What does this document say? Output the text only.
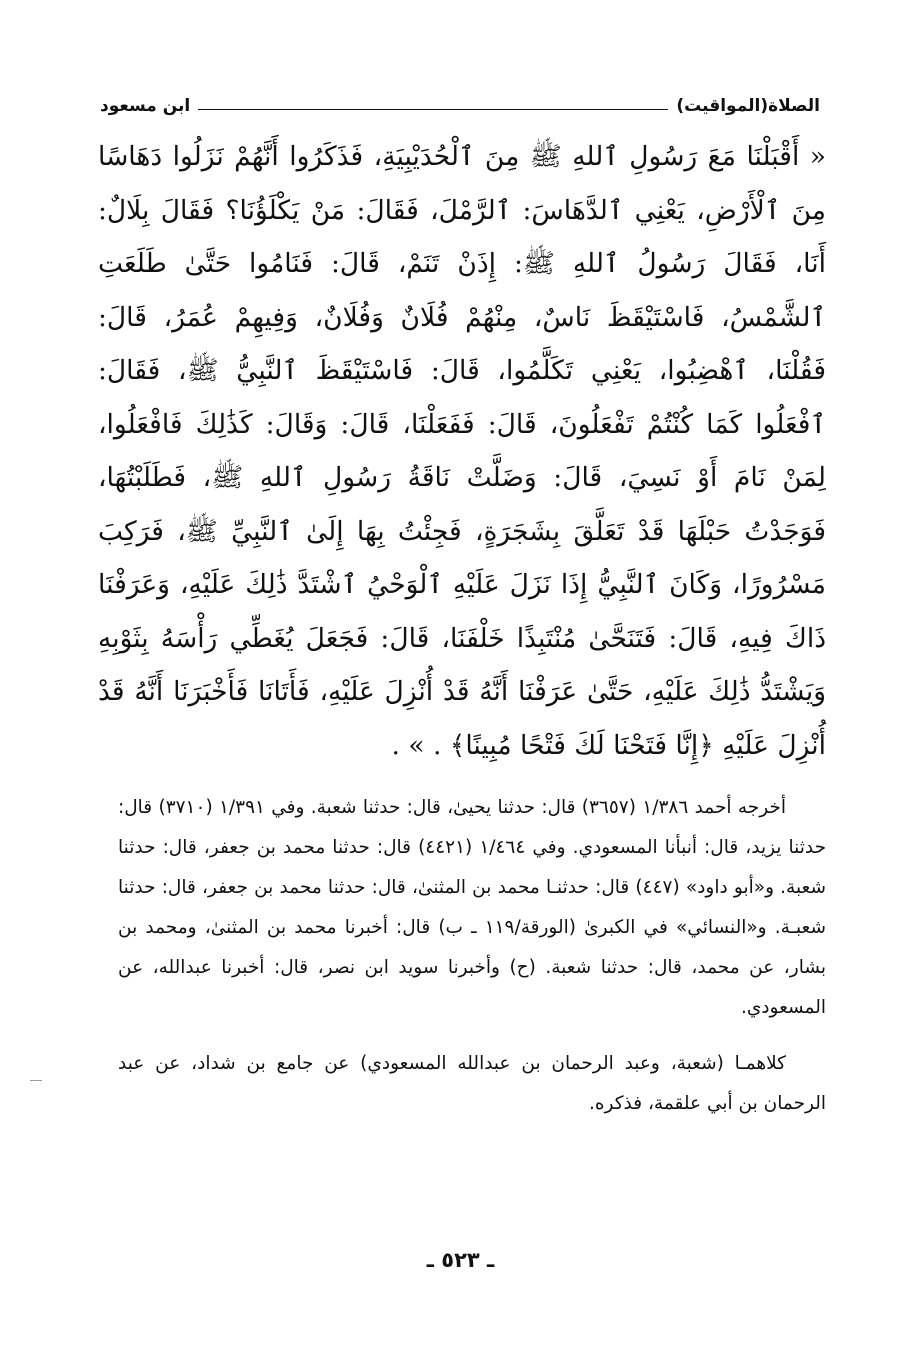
الصلاة(المواقيت)
ابن مسعود

« أَقْبَلْنَا مَعَ رَسُولِ ٱللهِ ﷺ مِنَ ٱلْحُدَيْبِيَةِ، فَذَكَرُوا أَنَّهُمْ نَزَلُوا دَهَاسًا مِنَ ٱلْأَرْضِ، يَعْنِي ٱلدَّهَاسَ: ٱلرَّمْلَ، فَقَالَ: مَنْ يَكْلَؤُنَا؟ فَقَالَ بِلَالٌ: أَنَا، فَقَالَ رَسُولُ ٱللهِ ﷺ: إِذَنْ تَنَمْ، قَالَ: فَنَامُوا حَتَّىٰ طَلَعَتِ ٱلشَّمْسُ، فَاسْتَيْقَظَ نَاسٌ، مِنْهُمْ فُلَانٌ وَفُلَانٌ، وَفِيهِمْ عُمَرُ، قَالَ: فَقُلْنَا، ٱهْضِبُوا، يَعْنِي تَكَلَّمُوا، قَالَ: فَاسْتَيْقَظَ ٱلنَّبِيُّ ﷺ، فَقَالَ: ٱفْعَلُوا كَمَا كُنْتُمْ تَفْعَلُونَ، قَالَ: فَفَعَلْنَا، قَالَ: وَقَالَ: كَذَٰلِكَ فَافْعَلُوا، لِمَنْ نَامَ أَوْ نَسِيَ، قَالَ: وَضَلَّتْ نَاقَةُ رَسُولِ ٱللهِ ﷺ، فَطَلَبْتُهَا، فَوَجَدْتُ حَبْلَهَا قَدْ تَعَلَّقَ بِشَجَرَةٍ، فَجِئْتُ بِهَا إِلَىٰ ٱلنَّبِيِّ ﷺ، فَرَكِبَ مَسْرُورًا، وَكَانَ ٱلنَّبِيُّ إِذَا نَزَلَ عَلَيْهِ ٱلْوَحْيُ ٱشْتَدَّ ذَٰلِكَ عَلَيْهِ، وَعَرَفْنَا ذَاكَ فِيهِ، قَالَ: فَتَنَحَّىٰ مُنْتَبِذًا خَلْفَنَا، قَالَ: فَجَعَلَ يُغَطِّي رَأْسَهُ بِثَوْبِهِ وَيَشْتَدُّ ذَٰلِكَ عَلَيْهِ، حَتَّىٰ عَرَفْنَا أَنَّهُ قَدْ أُنْزِلَ عَلَيْهِ، فَأَتَانَا فَأَخْبَرَنَا أَنَّهُ قَدْ أُنْزِلَ عَلَيْهِ ﴿إِنَّا فَتَحْنَا لَكَ فَتْحًا مُبِينًا﴾ . » .

أخرجه أحمد ١/٣٨٦ (٣٦٥٧) قال: حدثنا يحيىٰ، قال: حدثنا شعبة. وفي ١/٣٩١ (٣٧١٠) قال: حدثنا يزيد، قال: أنبأنا المسعودي. وفي ١/٤٦٤ (٤٤٢١) قال: حدثنا محمد بن جعفر، قال: حدثنا شعبة. و«أبو داود» (٤٤٧) قال: حدثنـا محمد بن المثنىٰ، قال: حدثنا محمد بن جعفر، قال: حدثنا شعبـة. و«النسائي» في الكبرىٰ (الورقة/١١٩ ـ ب) قال: أخبرنا محمد بن المثنىٰ، ومحمد بن بشار، عن محمد، قال: حدثنا شعبة. (ح) وأخبرنا سويد ابن نصر، قال: أخبرنا عبدالله، عن المسعودي.

كلاهمـا (شعبة، وعبد الرحمان بن عبدالله المسعودي) عن جامع بن شداد، عن عبد الرحمان بن أبي علقمة، فذكره.

ـ ٥٢٣ ـ
